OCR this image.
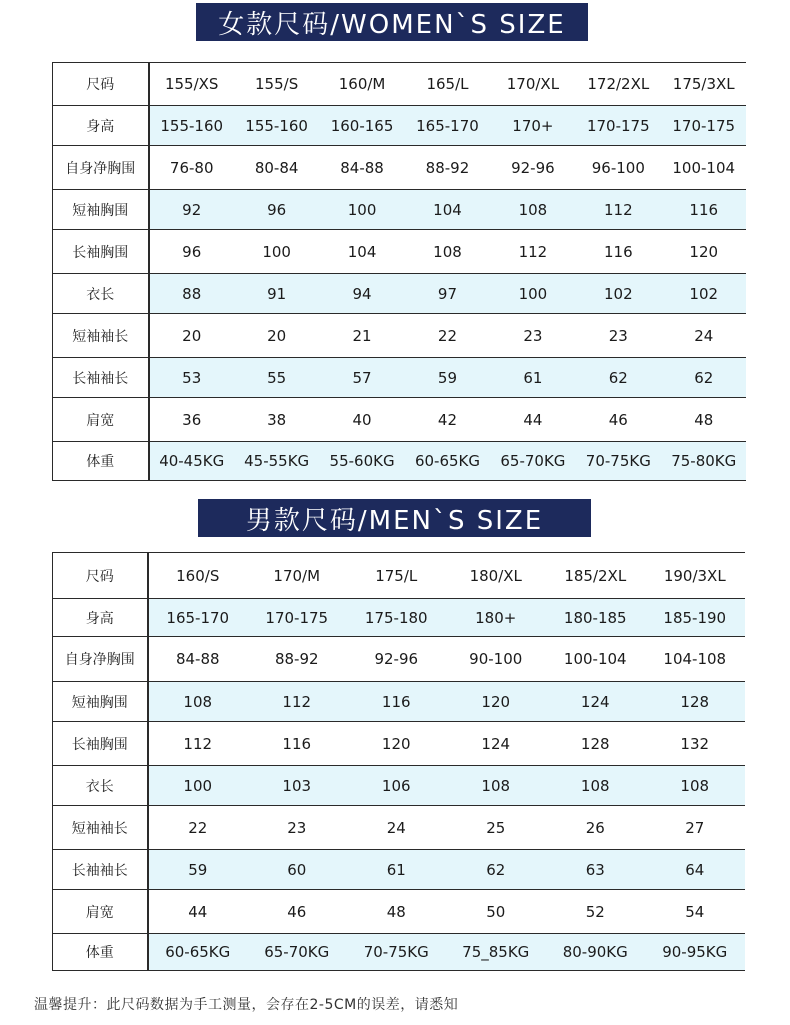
女款尺码/WOMEN`S SIZE
尺码	155/XS	155/S	160/M	165/L	170/XL	172/2XL	175/3XL
身高	155-160	155-160	160-165	165-170	170+	170-175	170-175
自身净胸围	76-80	80-84	84-88	88-92	92-96	96-100	100-104
短袖胸围	92	96	100	104	108	112	116
长袖胸围	96	100	104	108	112	116	120
衣长	88	91	94	97	100	102	102
短袖袖长	20	20	21	22	23	23	24
长袖袖长	53	55	57	59	61	62	62
肩宽	36	38	40	42	44	46	48
体重	40-45KG	45-55KG	55-60KG	60-65KG	65-70KG	70-75KG	75-80KG
男款尺码/MEN`S SIZE
尺码	160/S	170/M	175/L	180/XL	185/2XL	190/3XL
身高	165-170	170-175	175-180	180+	180-185	185-190
自身净胸围	84-88	88-92	92-96	90-100	100-104	104-108
短袖胸围	108	112	116	120	124	128
长袖胸围	112	116	120	124	128	132
衣长	100	103	106	108	108	108
短袖袖长	22	23	24	25	26	27
长袖袖长	59	60	61	62	63	64
肩宽	44	46	48	50	52	54
体重	60-65KG	65-70KG	70-75KG	75_85KG	80-90KG	90-95KG
温馨提升：此尺码数据为手工测量，会存在2-5CM的误差，请悉知
